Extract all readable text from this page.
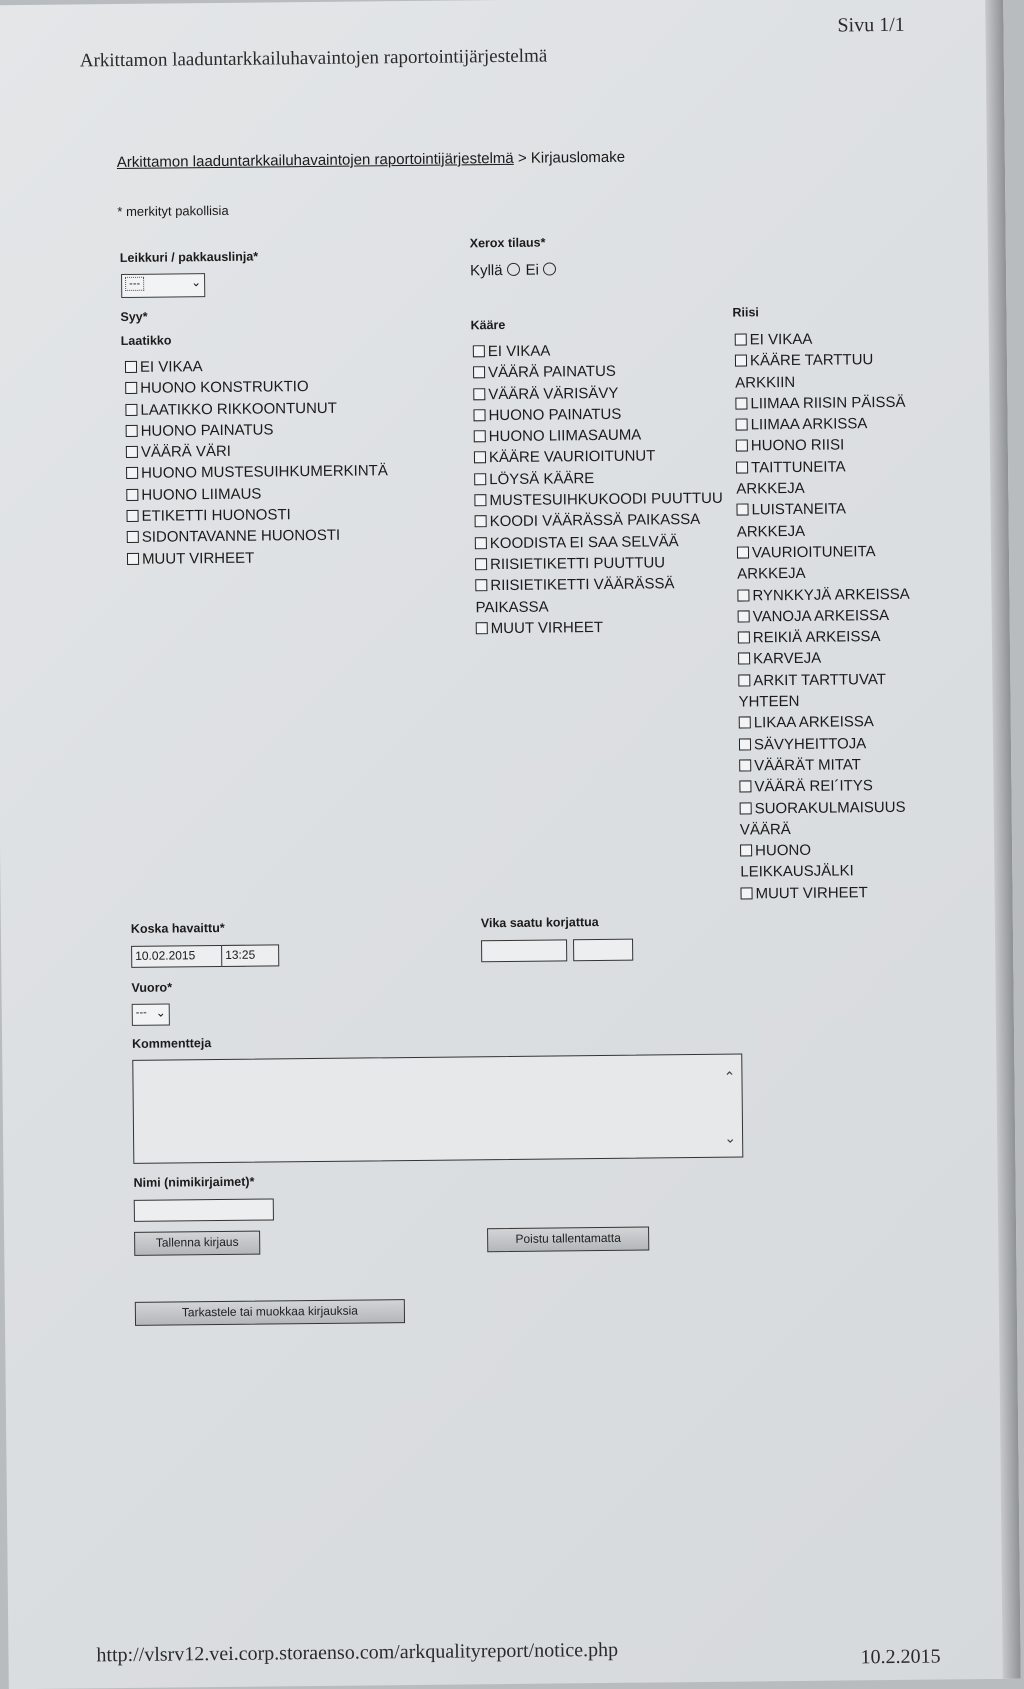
Arkittamon laaduntarkkailuhavaintojen raportointijärjestelmä
Sivu 1/1
Arkittamon laaduntarkkailuhavaintojen raportointijärjestelmä > Kirjauslomake
* merkityt pakollisia
Leikkuri / pakkauslinja*
---	⌄
Xerox tilaus*
Kyllä Ei
Syy*
Laatikko
EI VIKAA
HUONO KONSTRUKTIO
LAATIKKO RIKKOONTUNUT
HUONO PAINATUS
VÄÄRÄ VÄRI
HUONO MUSTESUIHKUMERKINTÄ
HUONO LIIMAUS
ETIKETTI HUONOSTI
SIDONTAVANNE HUONOSTI
MUUT VIRHEET
Kääre
EI VIKAA
VÄÄRÄ PAINATUS
VÄÄRÄ VÄRISÄVY
HUONO PAINATUS
HUONO LIIMASAUMA
KÄÄRE VAURIOITUNUT
LÖYSÄ KÄÄRE
MUSTESUIHKUKOODI PUUTTUU
KOODI VÄÄRÄSSÄ PAIKASSA
KOODISTA EI SAA SELVÄÄ
RIISIETIKETTI PUUTTUU
RIISIETIKETTI VÄÄRÄSSÄ PAIKASSA
MUUT VIRHEET
Riisi
EI VIKAA
KÄÄRE TARTTUU ARKKIIN
LIIMAA RIISIN PÄISSÄ
LIIMAA ARKISSA
HUONO RIISI
TAITTUNEITA ARKKEJA
LUISTANEITA ARKKEJA
VAURIOITUNEITA ARKKEJA
RYNKKYJÄ ARKEISSA
VANOJA ARKEISSA
REIKIÄ ARKEISSA
KARVEJA
ARKIT TARTTUVAT YHTEEN
LIKAA ARKEISSA
SÄVYHEITTOJA
VÄÄRÄT MITAT
VÄÄRÄ REI´ITYS
SUORAKULMAISUUS VÄÄRÄ
HUONO LEIKKAUSJÄLKI
MUUT VIRHEET
Koska havaittu*
10.02.2015	13:25
Vika saatu korjattua
Vuoro*
--- ⌄
Kommentteja
⌃
⌄
Nimi (nimikirjaimet)*
Tallenna kirjaus	Poistu tallentamatta
Tarkastele tai muokkaa kirjauksia
http://vlsrv12.vei.corp.storaenso.com/arkqualityreport/notice.php	10.2.2015
